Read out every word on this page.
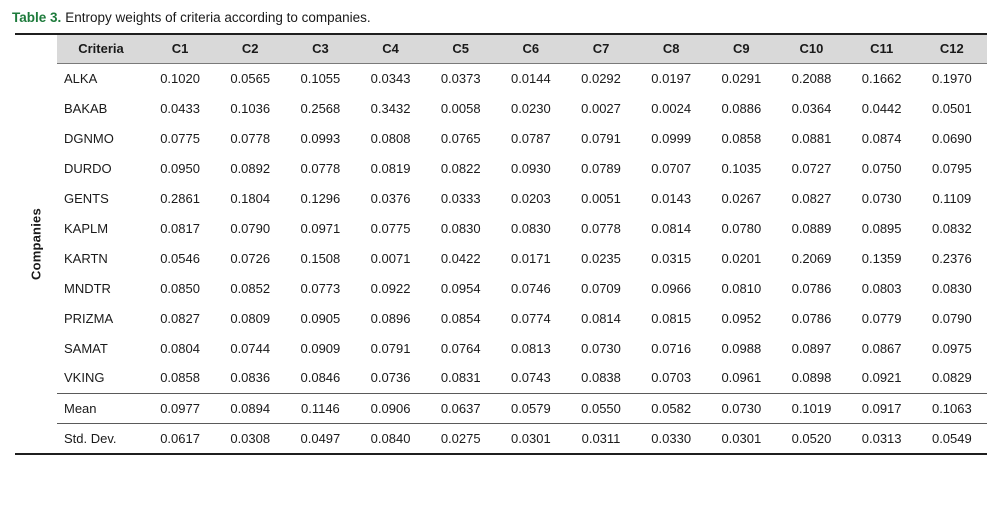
Table 3. Entropy weights of criteria according to companies.
Companies
Criteria	C1	C2	C3	C4	C5	C6	C7	C8	C9	C10	C11	C12
ALKA	0.1020	0.0565	0.1055	0.0343	0.0373	0.0144	0.0292	0.0197	0.0291	0.2088	0.1662	0.1970
BAKAB	0.0433	0.1036	0.2568	0.3432	0.0058	0.0230	0.0027	0.0024	0.0886	0.0364	0.0442	0.0501
DGNMO	0.0775	0.0778	0.0993	0.0808	0.0765	0.0787	0.0791	0.0999	0.0858	0.0881	0.0874	0.0690
DURDO	0.0950	0.0892	0.0778	0.0819	0.0822	0.0930	0.0789	0.0707	0.1035	0.0727	0.0750	0.0795
GENTS	0.2861	0.1804	0.1296	0.0376	0.0333	0.0203	0.0051	0.0143	0.0267	0.0827	0.0730	0.1109
KAPLM	0.0817	0.0790	0.0971	0.0775	0.0830	0.0830	0.0778	0.0814	0.0780	0.0889	0.0895	0.0832
KARTN	0.0546	0.0726	0.1508	0.0071	0.0422	0.0171	0.0235	0.0315	0.0201	0.2069	0.1359	0.2376
MNDTR	0.0850	0.0852	0.0773	0.0922	0.0954	0.0746	0.0709	0.0966	0.0810	0.0786	0.0803	0.0830
PRIZMA	0.0827	0.0809	0.0905	0.0896	0.0854	0.0774	0.0814	0.0815	0.0952	0.0786	0.0779	0.0790
SAMAT	0.0804	0.0744	0.0909	0.0791	0.0764	0.0813	0.0730	0.0716	0.0988	0.0897	0.0867	0.0975
VKING	0.0858	0.0836	0.0846	0.0736	0.0831	0.0743	0.0838	0.0703	0.0961	0.0898	0.0921	0.0829
Mean	0.0977	0.0894	0.1146	0.0906	0.0637	0.0579	0.0550	0.0582	0.0730	0.1019	0.0917	0.1063
Std. Dev.	0.0617	0.0308	0.0497	0.0840	0.0275	0.0301	0.0311	0.0330	0.0301	0.0520	0.0313	0.0549
